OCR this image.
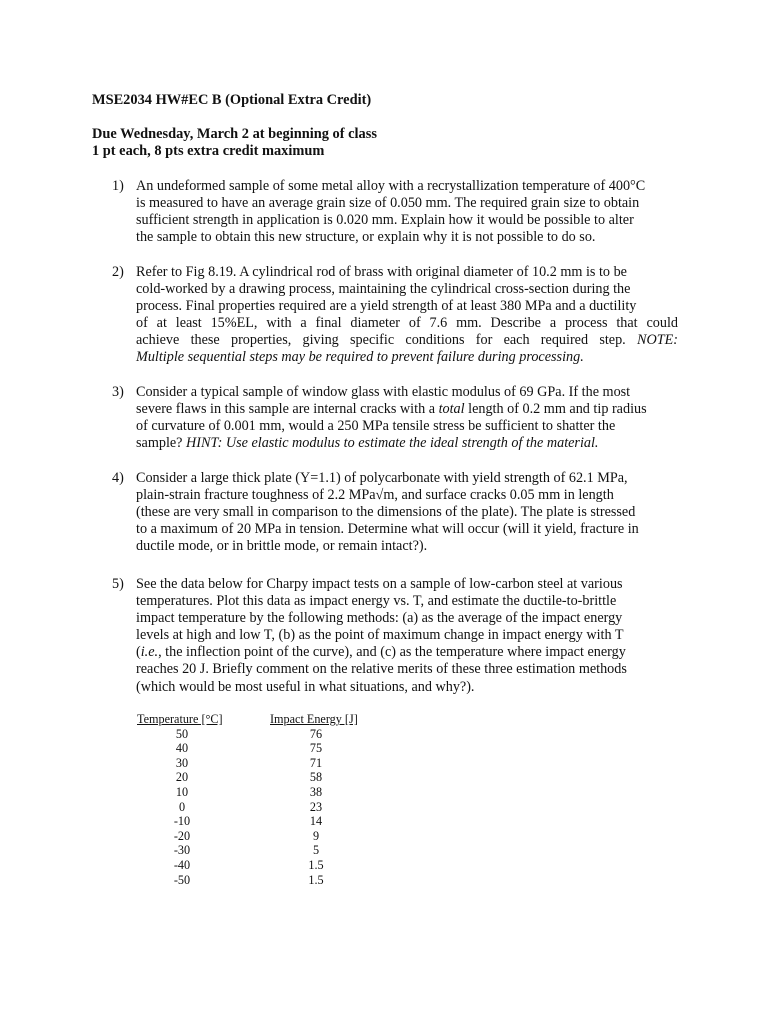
MSE2034 HW#EC B (Optional Extra Credit)
Due Wednesday, March 2 at beginning of class
1 pt each, 8 pts extra credit maximum
1) An undeformed sample of some metal alloy with a recrystallization temperature of 400°C
is measured to have an average grain size of 0.050 mm. The required grain size to obtain
sufficient strength in application is 0.020 mm. Explain how it would be possible to alter
the sample to obtain this new structure, or explain why it is not possible to do so.
2) Refer to Fig 8.19. A cylindrical rod of brass with original diameter of 10.2 mm is to be
cold-worked by a drawing process, maintaining the cylindrical cross-section during the
process. Final properties required are a yield strength of at least 380 MPa and a ductility
of at least 15%EL, with a final diameter of 7.6 mm. Describe a process that could
achieve these properties, giving specific conditions for each required step. NOTE:
Multiple sequential steps may be required to prevent failure during processing.
3) Consider a typical sample of window glass with elastic modulus of 69 GPa. If the most
severe flaws in this sample are internal cracks with a total length of 0.2 mm and tip radius
of curvature of 0.001 mm, would a 250 MPa tensile stress be sufficient to shatter the
sample? HINT: Use elastic modulus to estimate the ideal strength of the material.
4) Consider a large thick plate (Y=1.1) of polycarbonate with yield strength of 62.1 MPa,
plain-strain fracture toughness of 2.2 MPa√m, and surface cracks 0.05 mm in length
(these are very small in comparison to the dimensions of the plate). The plate is stressed
to a maximum of 20 MPa in tension. Determine what will occur (will it yield, fracture in
ductile mode, or in brittle mode, or remain intact?).
5) See the data below for Charpy impact tests on a sample of low-carbon steel at various
temperatures. Plot this data as impact energy vs. T, and estimate the ductile-to-brittle
impact temperature by the following methods: (a) as the average of the impact energy
levels at high and low T, (b) as the point of maximum change in impact energy with T
(i.e., the inflection point of the curve), and (c) as the temperature where impact energy
reaches 20 J. Briefly comment on the relative merits of these three estimation methods
(which would be most useful in what situations, and why?).
Temperature [°C]
50
40
30
20
10
0
-10
-20
-30
-40
-50
Impact Energy [J]
76
75
71
58
38
23
14
9
5
1.5
1.5
